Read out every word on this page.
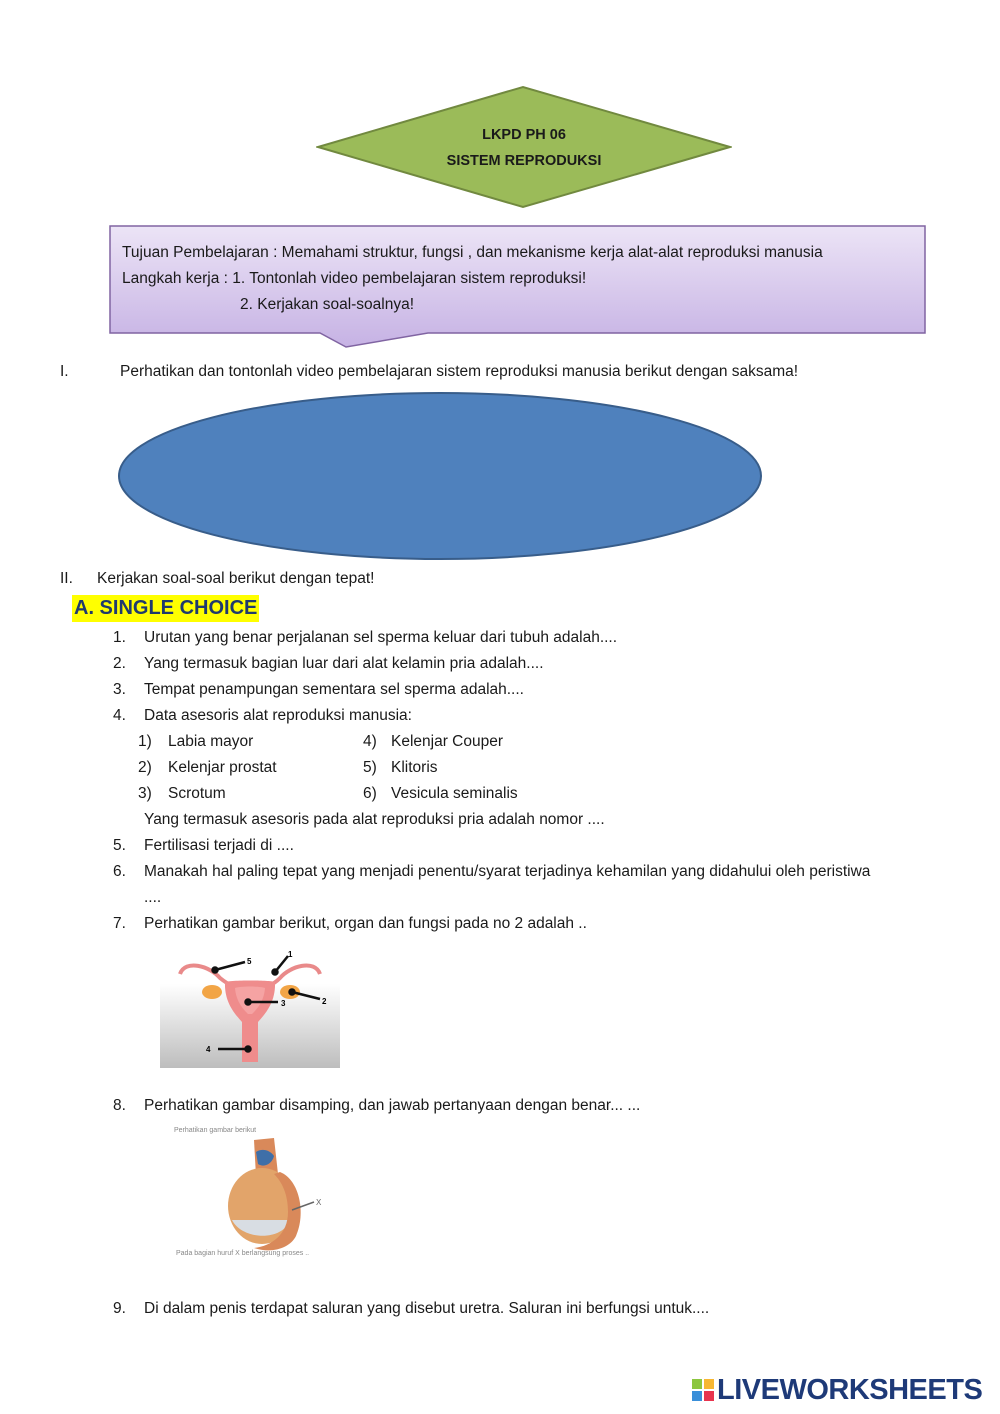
LKPD PH 06
SISTEM REPRODUKSI
Tujuan Pembelajaran : Memahami struktur, fungsi , dan mekanisme kerja alat-alat reproduksi manusia
Langkah kerja : 1. Tontonlah video pembelajaran sistem reproduksi!
2. Kerjakan soal-soalnya!
I.	Perhatikan dan tontonlah video pembelajaran sistem reproduksi manusia berikut dengan saksama!
II. Kerjakan soal-soal berikut dengan tepat!
A. SINGLE CHOICE
1. Urutan yang benar perjalanan sel sperma keluar dari tubuh adalah....
2. Yang termasuk bagian luar dari alat kelamin pria adalah....
3. Tempat penampungan sementara sel sperma adalah....
4. Data asesoris alat reproduksi manusia:
1) Labia mayor
2) Kelenjar prostat
3) Scrotum
4) Kelenjar Couper
5) Klitoris
6) Vesicula seminalis
Yang termasuk asesoris pada alat reproduksi pria adalah nomor ....
5. Fertilisasi terjadi di ....
6. Manakah hal paling tepat yang menjadi penentu/syarat terjadinya kehamilan yang didahului oleh peristiwa
....
7. Perhatikan gambar berikut, organ dan fungsi pada no 2 adalah ..
1
2
3
4
5
8. Perhatikan gambar disamping, dan jawab pertanyaan dengan benar... ...
Perhatikan gambar berikut
X
Pada bagian huruf X berlangsung proses ..
9. Di dalam penis terdapat saluran yang disebut uretra. Saluran ini berfungsi untuk....
LIVEWORKSHEETS
